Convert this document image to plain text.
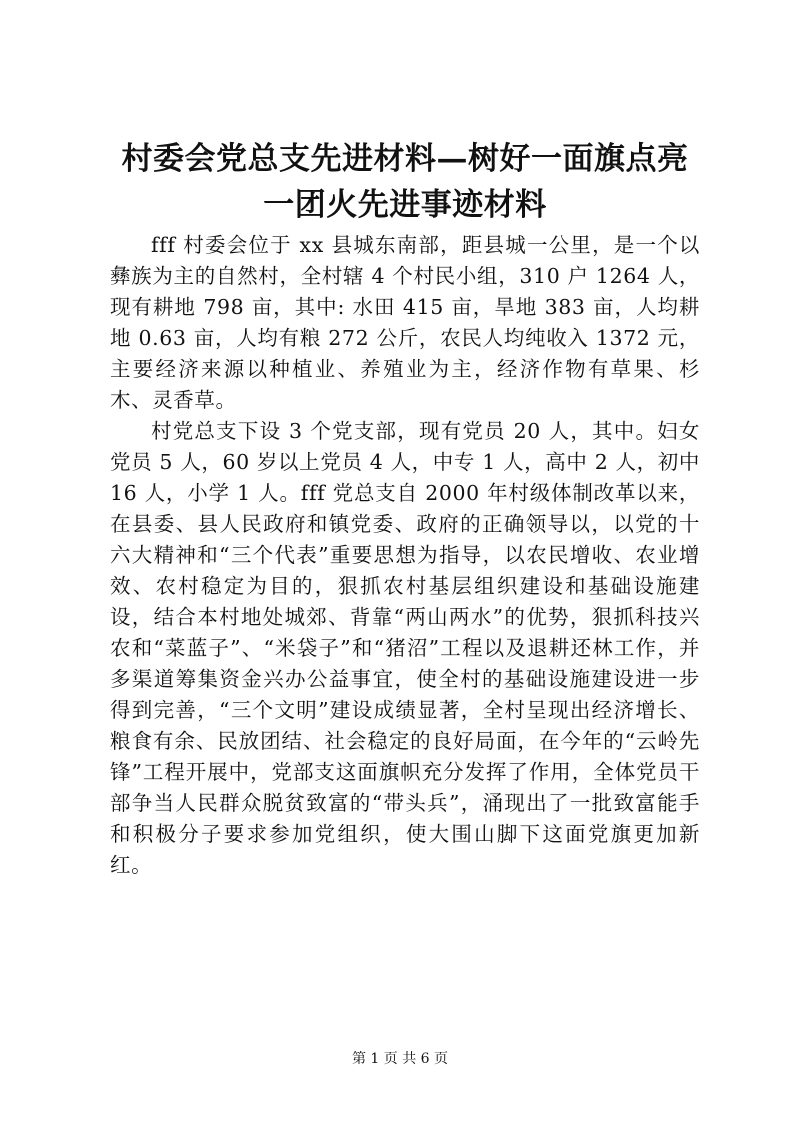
村委会党总支先进材料—树好一面旗点亮一团火先进事迹材料

fff 村委会位于 xx 县城东南部，距县城一公里，是一个以彝族为主的自然村，全村辖 4 个村民小组，310 户 1264 人，现有耕地 798 亩，其中: 水田 415 亩，旱地 383 亩，人均耕地 0.63 亩，人均有粮 272 公斤，农民人均纯收入 1372 元，主要经济来源以种植业、养殖业为主，经济作物有草果、杉木、灵香草。

村党总支下设 3 个党支部，现有党员 20 人，其中。妇女党员 5 人，60 岁以上党员 4 人，中专 1 人，高中 2 人，初中 16 人，小学 1 人。fff 党总支自 2000 年村级体制改革以来，在县委、县人民政府和镇党委、政府的正确领导以，以党的十六大精神和“三个代表”重要思想为指导，以农民增收、农业增效、农村稳定为目的，狠抓农村基层组织建设和基础设施建设，结合本村地处城郊、背靠“两山两水”的优势，狠抓科技兴农和“菜蓝子”、“米袋子”和“猪沼”工程以及退耕还林工作，并多渠道筹集资金兴办公益事宜，使全村的基础设施建设进一步得到完善，“三个文明”建设成绩显著，全村呈现出经济增长、粮食有余、民放团结、社会稳定的良好局面，在今年的“云岭先锋”工程开展中，党部支这面旗帜充分发挥了作用，全体党员干部争当人民群众脱贫致富的“带头兵”，涌现出了一批致富能手和积极分子要求参加党组织，使大围山脚下这面党旗更加新红。

第 1 页 共 6 页
